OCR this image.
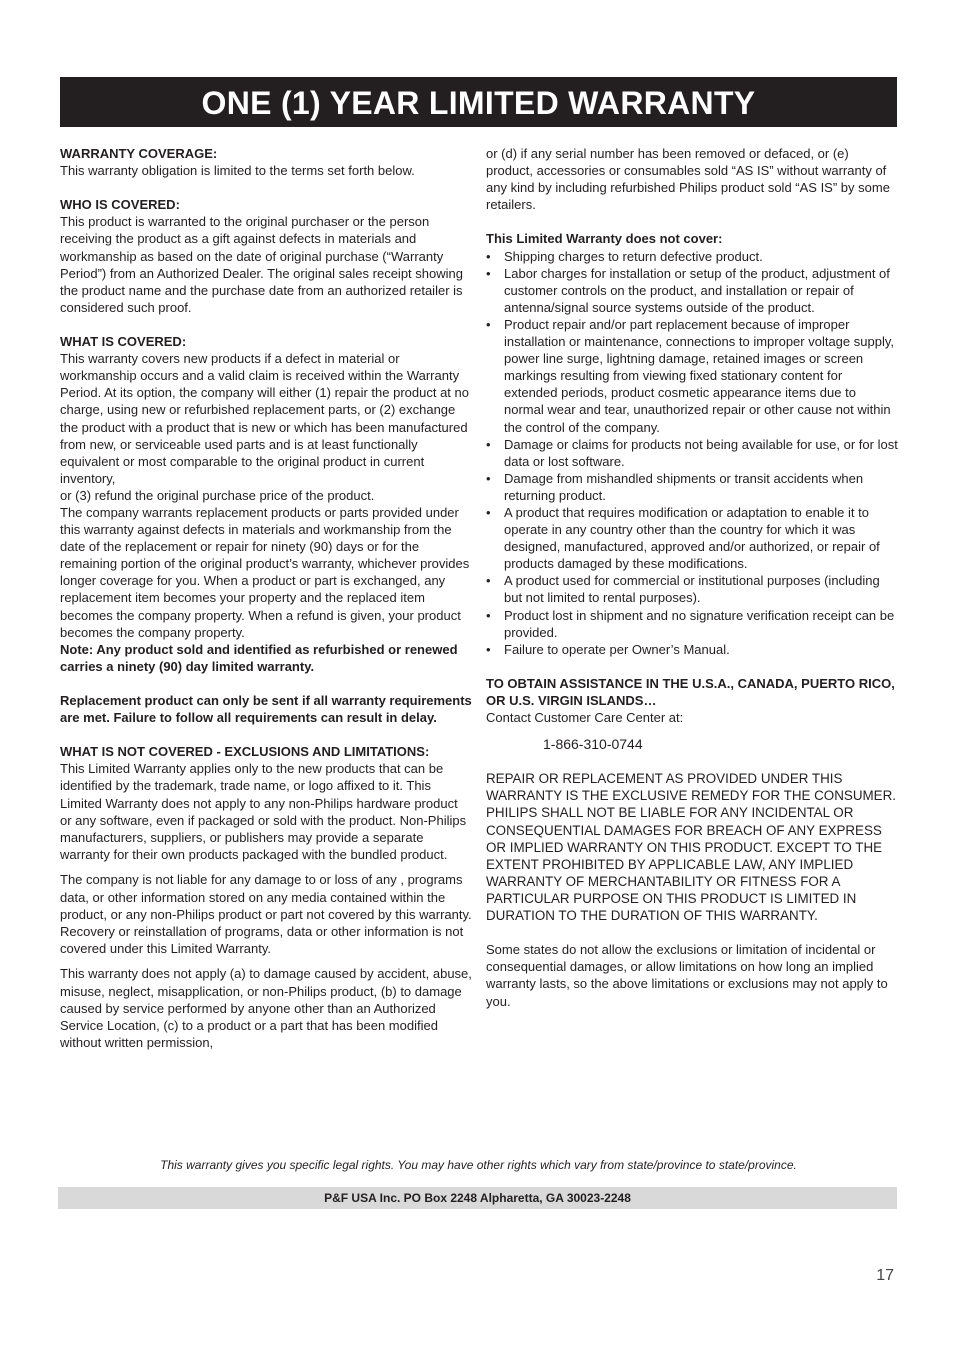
ONE (1) YEAR LIMITED WARRANTY

WARRANTY COVERAGE:

This warranty obligation is limited to the terms set forth below.

WHO IS COVERED:

This product is warranted to the original purchaser or the person receiving the product as a gift against defects in materials and workmanship as based on the date of original purchase (“Warranty Period”) from an Authorized Dealer. The original sales receipt showing the product name and the purchase date from an authorized retailer is considered such proof.

WHAT IS COVERED:

This warranty covers new products if a defect in material or workmanship occurs and a valid claim is received within the Warranty Period. At its option, the company will either (1) repair the product at no charge, using new or refurbished replacement parts, or (2) exchange the product with a product that is new or which has been manufactured from new, or serviceable used parts and is at least functionally equivalent or most comparable to the original product in current inventory,

or (3) refund the original purchase price of the product.

The company warrants replacement products or parts provided under this warranty against defects in materials and workmanship from the date of the replacement or repair for ninety (90) days or for the remaining portion of the original product’s warranty, whichever provides longer coverage for you. When a product or part is exchanged, any replacement item becomes your property and the replaced item becomes the company property. When a refund is given, your product becomes the company property.

Note: Any product sold and identified as refurbished or renewed carries a ninety (90) day limited warranty.

Replacement product can only be sent if all warranty requirements are met. Failure to follow all requirements can result in delay.

WHAT IS NOT COVERED - EXCLUSIONS AND LIMITATIONS:

This Limited Warranty applies only to the new products that can be identified by the trademark, trade name, or logo affixed to it. This Limited Warranty does not apply to any non-Philips hardware product or any software, even if packaged or sold with the product. Non-Philips manufacturers, suppliers, or publishers may provide a separate warranty for their own products packaged with the bundled product.

The company is not liable for any damage to or loss of any , programs data, or other information stored on any media contained within the product, or any non-Philips product or part not covered by this warranty. Recovery or reinstallation of programs, data or other information is not covered under this Limited Warranty.

This warranty does not apply (a) to damage caused by accident, abuse, misuse, neglect, misapplication, or non-Philips product, (b) to damage caused by service performed by anyone other than an Authorized Service Location, (c) to a product or a part that has been modified without written permission,

or (d) if any serial number has been removed or defaced, or (e) product, accessories or consumables sold “AS IS” without warranty of any kind by including refurbished Philips product sold “AS IS” by some retailers.

This Limited Warranty does not cover:

• Shipping charges to return defective product.
• Labor charges for installation or setup of the product, adjustment of customer controls on the product, and installation or repair of antenna/signal source systems outside of the product.
• Product repair and/or part replacement because of improper installation or maintenance, connections to improper voltage supply, power line surge, lightning damage, retained images or screen markings resulting from viewing fixed stationary content for extended periods, product cosmetic appearance items due to normal wear and tear, unauthorized repair or other cause not within the control of the company.
• Damage or claims for products not being available for use, or for lost data or lost software.
• Damage from mishandled shipments or transit accidents when returning product.
• A product that requires modification or adaptation to enable it to operate in any country other than the country for which it was designed, manufactured, approved and/or authorized, or repair of products damaged by these modifications.
• A product used for commercial or institutional purposes (including but not limited to rental purposes).
• Product lost in shipment and no signature verification receipt can be provided.
• Failure to operate per Owner’s Manual.

TO OBTAIN ASSISTANCE IN THE U.S.A., CANADA, PUERTO RICO, OR U.S. VIRGIN ISLANDS…

Contact Customer Care Center at:

1-866-310-0744

REPAIR OR REPLACEMENT AS PROVIDED UNDER THIS WARRANTY IS THE EXCLUSIVE REMEDY FOR THE CONSUMER. PHILIPS SHALL NOT BE LIABLE FOR ANY INCIDENTAL OR CONSEQUENTIAL DAMAGES FOR BREACH OF ANY EXPRESS OR IMPLIED WARRANTY ON THIS PRODUCT. EXCEPT TO THE EXTENT PROHIBITED BY APPLICABLE LAW, ANY IMPLIED WARRANTY OF MERCHANTABILITY OR FITNESS FOR A PARTICULAR PURPOSE ON THIS PRODUCT IS LIMITED IN DURATION TO THE DURATION OF THIS WARRANTY.

Some states do not allow the exclusions or limitation of incidental or consequential damages, or allow limitations on how long an implied warranty lasts, so the above limitations or exclusions may not apply to you.

This warranty gives you specific legal rights. You may have other rights which vary from state/province to state/province.
P&F USA Inc. PO Box 2248 Alpharetta, GA 30023-2248
17
